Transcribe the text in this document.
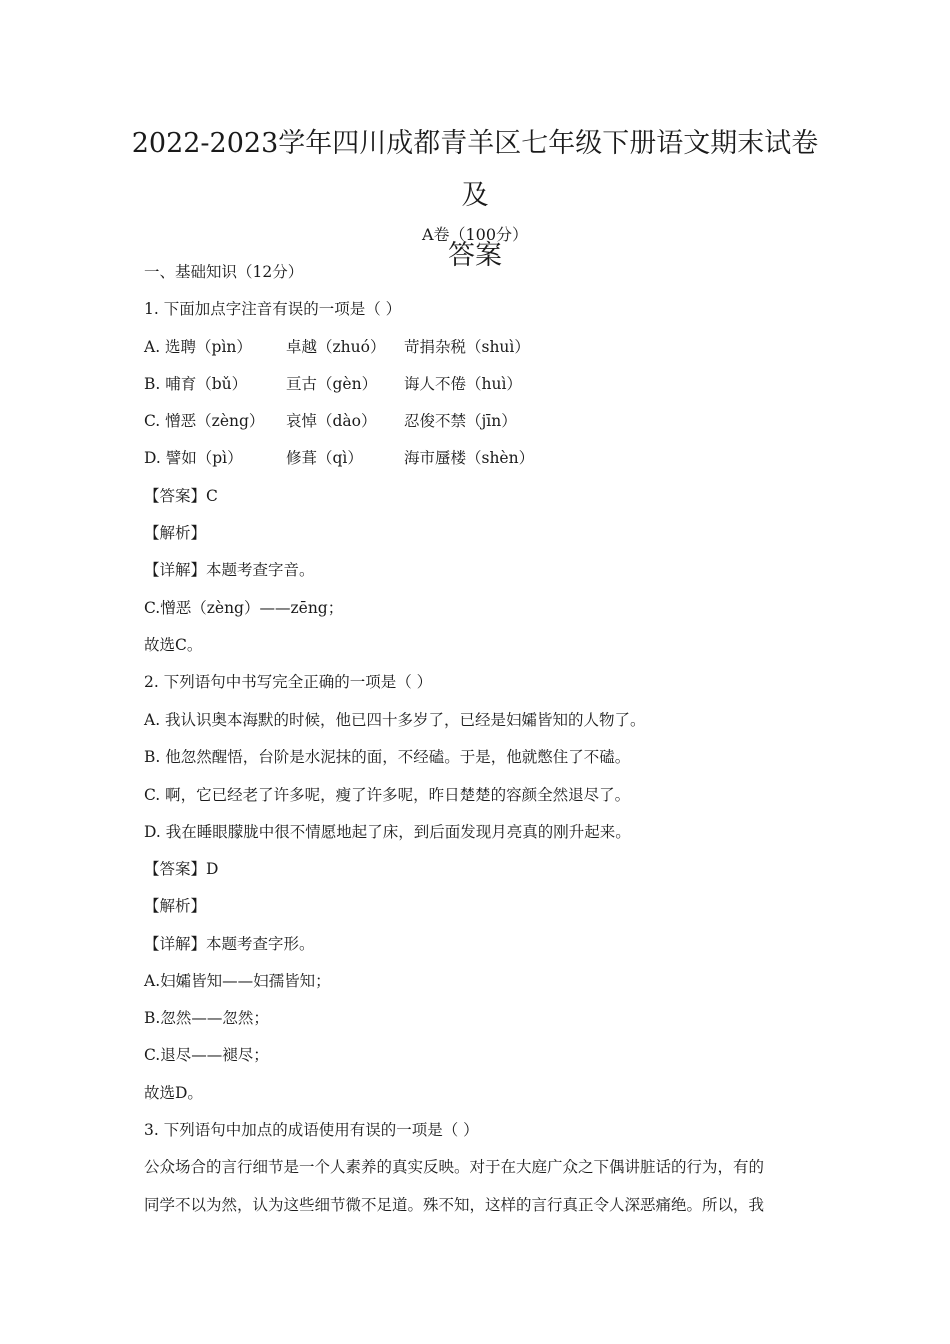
2022-2023学年四川成都青羊区七年级下册语文期末试卷及
答案
A卷（100分）
一、基础知识（12分）
1. 下面加点字注音有误的一项是（ ）
A. 选聘（pìn） 卓越（zhuó） 苛捐杂税（shuì）
B. 哺育（bǔ）	亘古（gèn） 诲人不倦（huì）
C. 憎恶（zèng） 哀悼（dào） 忍俊不禁（jīn）
D. 譬如（pì）	修葺（qì）	海市蜃楼（shèn）
【答案】C
【解析】
【详解】本题考查字音。
C.憎恶（zèng）——zēng；
故选C。
2. 下列语句中书写完全正确的一项是（ ）
A. 我认识奥本海默的时候，他已四十多岁了，已经是妇孀皆知的人物了。
B. 他忽然醒悟，台阶是水泥抹的面，不经磕。于是，他就憋住了不磕。
C. 啊，它已经老了许多呢，瘦了许多呢，昨日楚楚的容颜全然退尽了。
D. 我在睡眼朦胧中很不情愿地起了床，到后面发现月亮真的刚升起来。
【答案】D
【解析】
【详解】本题考查字形。
A.妇孀皆知——妇孺皆知；
B.忽然——忽然；
C.退尽——褪尽；
故选D。
3. 下列语句中加点的成语使用有误的一项是（ ）
公众场合的言行细节是一个人素养的真实反映。对于在大庭广众之下偶讲脏话的行为，有的
同学不以为然，认为这些细节微不足道。殊不知，这样的言行真正令人深恶痛绝。所以，我
